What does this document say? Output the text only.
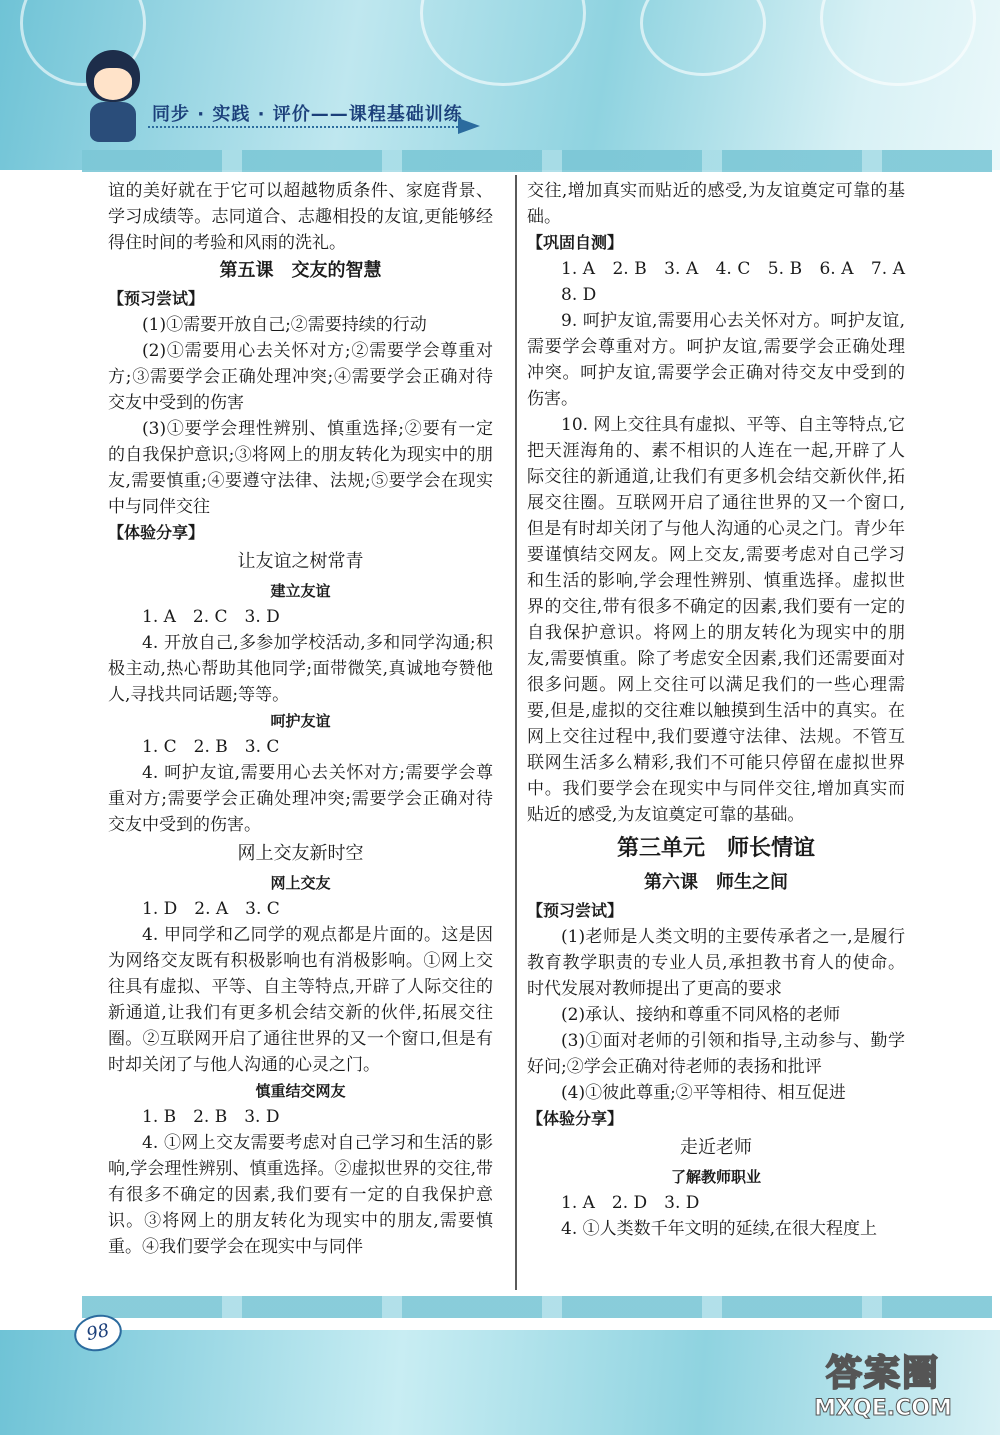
同步 · 实践 · 评价——课程基础训练

谊的美好就在于它可以超越物质条件、家庭背景、学习成绩等。志同道合、志趣相投的友谊,更能够经得住时间的考验和风雨的洗礼。

第五课　交友的智慧

【预习尝试】

(1)①需要开放自己;②需要持续的行动

(2)①需要用心去关怀对方;②需要学会尊重对方;③需要学会正确处理冲突;④需要学会正确对待交友中受到的伤害

(3)①要学会理性辨别、慎重选择;②要有一定的自我保护意识;③将网上的朋友转化为现实中的朋友,需要慎重;④要遵守法律、法规;⑤要学会在现实中与同伴交往

【体验分享】

让友谊之树常青

建立友谊

1. A　2. C　3. D

4. 开放自己,多参加学校活动,多和同学沟通;积极主动,热心帮助其他同学;面带微笑,真诚地夸赞他人,寻找共同话题;等等。

呵护友谊

1. C　2. B　3. C

4. 呵护友谊,需要用心去关怀对方;需要学会尊重对方;需要学会正确处理冲突;需要学会正确对待交友中受到的伤害。

网上交友新时空

网上交友

1. D　2. A　3. C

4. 甲同学和乙同学的观点都是片面的。这是因为网络交友既有积极影响也有消极影响。①网上交往具有虚拟、平等、自主等特点,开辟了人际交往的新通道,让我们有更多机会结交新的伙伴,拓展交往圈。②互联网开启了通往世界的又一个窗口,但是有时却关闭了与他人沟通的心灵之门。

慎重结交网友

1. B　2. B　3. D

4. ①网上交友需要考虑对自己学习和生活的影响,学会理性辨别、慎重选择。②虚拟世界的交往,带有很多不确定的因素,我们要有一定的自我保护意识。③将网上的朋友转化为现实中的朋友,需要慎重。④我们要学会在现实中与同伴

交往,增加真实而贴近的感受,为友谊奠定可靠的基础。

【巩固自测】

1. A　2. B　3. A　4. C　5. B　6. A　7. A　8. D

9. 呵护友谊,需要用心去关怀对方。呵护友谊,需要学会尊重对方。呵护友谊,需要学会正确处理冲突。呵护友谊,需要学会正确对待交友中受到的伤害。

10. 网上交往具有虚拟、平等、自主等特点,它把天涯海角的、素不相识的人连在一起,开辟了人际交往的新通道,让我们有更多机会结交新伙伴,拓展交往圈。互联网开启了通往世界的又一个窗口,但是有时却关闭了与他人沟通的心灵之门。青少年要谨慎结交网友。网上交友,需要考虑对自己学习和生活的影响,学会理性辨别、慎重选择。虚拟世界的交往,带有很多不确定的因素,我们要有一定的自我保护意识。将网上的朋友转化为现实中的朋友,需要慎重。除了考虑安全因素,我们还需要面对很多问题。网上交往可以满足我们的一些心理需要,但是,虚拟的交往难以触摸到生活中的真实。在网上交往过程中,我们要遵守法律、法规。不管互联网生活多么精彩,我们不可能只停留在虚拟世界中。我们要学会在现实中与同伴交往,增加真实而贴近的感受,为友谊奠定可靠的基础。

第三单元　师长情谊

第六课　师生之间

【预习尝试】

(1)老师是人类文明的主要传承者之一,是履行教育教学职责的专业人员,承担教书育人的使命。时代发展对教师提出了更高的要求

(2)承认、接纳和尊重不同风格的老师

(3)①面对老师的引领和指导,主动参与、勤学好问;②学会正确对待老师的表扬和批评

(4)①彼此尊重;②平等相待、相互促进

【体验分享】

走近老师

了解教师职业

1. A　2. D　3. D

4. ①人类数千年文明的延续,在很大程度上

98
答案圈
MXQE.COM
